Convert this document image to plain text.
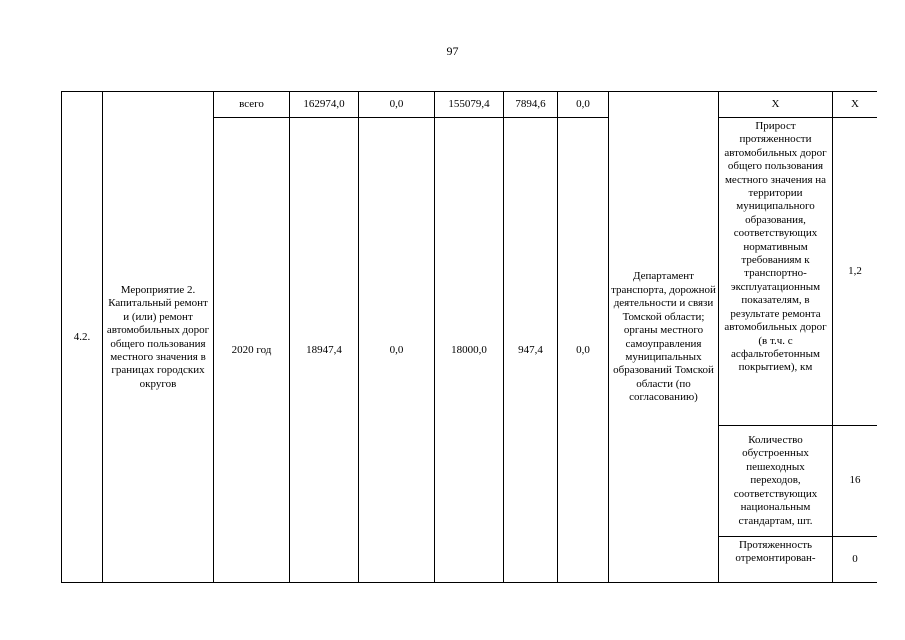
97
4.2.	Мероприятие 2. Капитальный ремонт и (или) ремонт автомобильных дорог общего пользования местного значения в границах городских округов	всего	162974,0	0,0	155079,4	7894,6	0,0	Департамент транспорта, дорожной деятельности и связи Томской области; органы местного самоуправления муниципальных образований Томской области (по согласованию)	X	X
		2020 год	18947,4	0,0	18000,0	947,4	0,0		Прирост протяженности автомобильных дорог общего пользования местного значения на территории муниципального образования, соответствующих нормативным требованиям к транспортно-эксплуатационным показателям, в результате ремонта автомобильных дорог (в т.ч. с асфальтобетонным покрытием), км	1,2
									Количество обустроенных пешеходных переходов, соответствующих национальным стандартам, шт.	16
									Протяженность отремонтирован-	0
